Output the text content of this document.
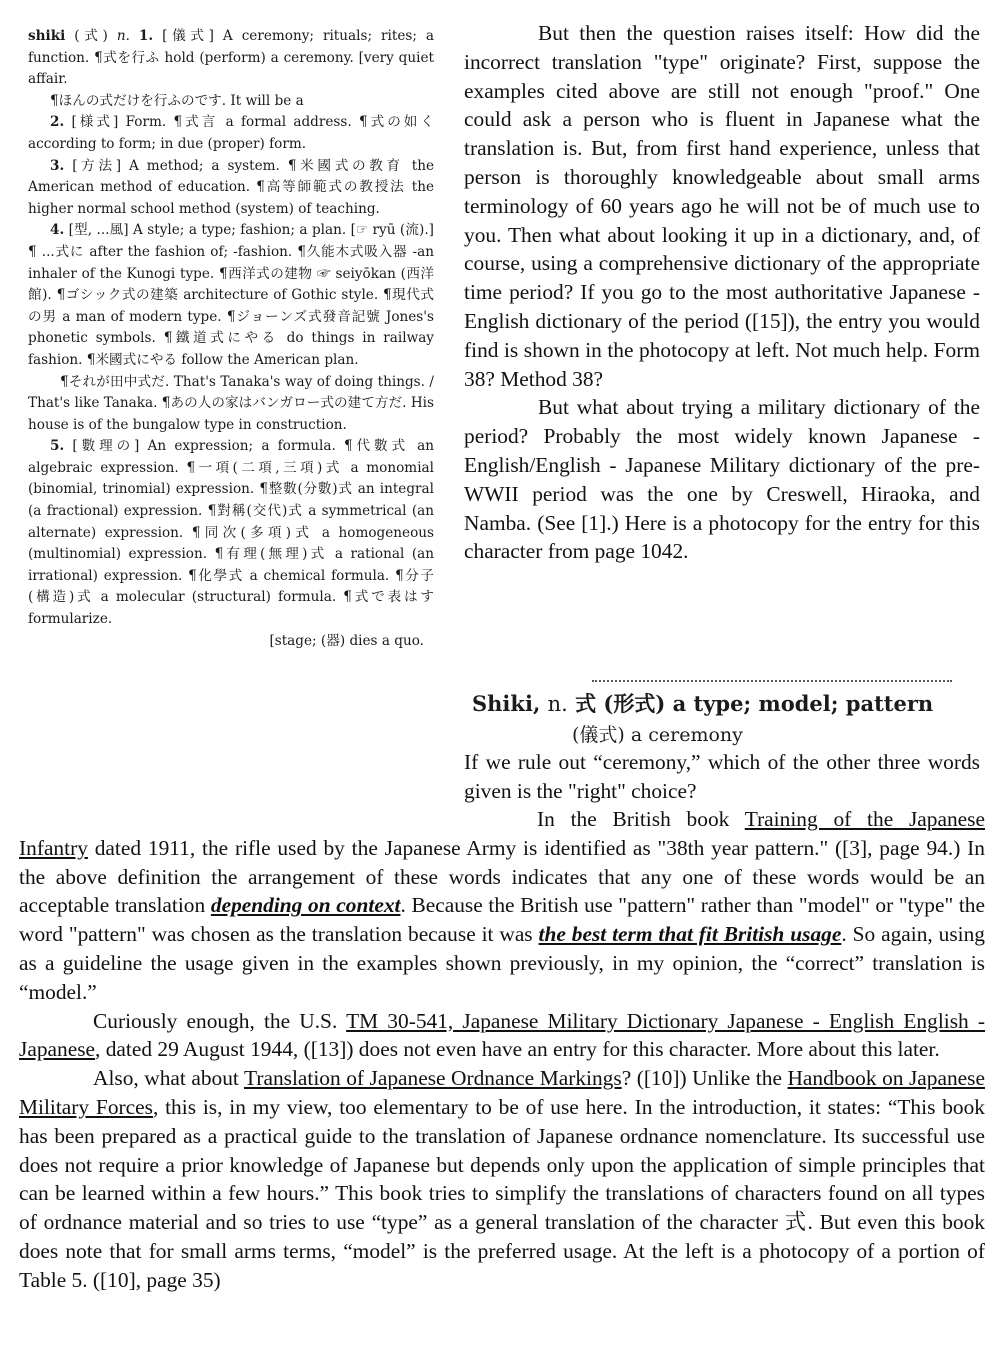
shiki (式) n. 1. [儀式] A ceremony; rituals; rites; a function. ¶式を行ふ hold (perform) a ceremony. [very quiet affair.

¶ほんの式だけを行ふのです. It will be a

2. [様式] Form. ¶式言 a formal address. ¶式の如く according to form; in due (proper) form.

3. [方法] A method; a system. ¶米國式の教育 the American method of education. ¶高等師範式の教授法 the higher normal school method (system) of teaching.

4. [型, ...風] A style; a type; fashion; a plan. [☞ ryū (流).] ¶ ...式に after the fashion of; -fashion. ¶久能木式吸入器 -an inhaler of the Kunogi type. ¶西洋式の建物 ☞ seiyōkan (西洋館). ¶ゴシック式の建築 architecture of Gothic style. ¶現代式の男 a man of modern type. ¶ジョーンズ式發音記號 Jones's phonetic symbols. ¶鐵道式にやる do things in railway fashion. ¶米國式にやる follow the American plan.

¶それが田中式だ. That's Tanaka's way of doing things. / That's like Tanaka. ¶あの人の家はバンガロー式の建て方だ. His house is of the bungalow type in construction.

5. [數理の] An expression; a formula. ¶代數式 an algebraic expression. ¶一項(二項,三項)式 a monomial (binomial, trinomial) expression. ¶整數(分數)式 an integral (a fractional) expression. ¶對稱(交代)式 a symmetrical (an alternate) expression. ¶同次(多項)式 a homogeneous (multinomial) expression. ¶有理(無理)式 a rational (an irrational) expression. ¶化學式 a chemical formula. ¶分子(構造)式 a molecular (structural) formula. ¶式で表はす formularize.
[stage; (器) dies a quo.

But then the question raises itself: How did the incorrect translation "type" originate? First, suppose the examples cited above are still not enough "proof." One could ask a person who is fluent in Japanese what the translation is. But, from first hand experience, unless that person is thoroughly knowledgeable about small arms terminology of 60 years ago he will not be of much use to you. Then what about looking it up in a dictionary, and, of course, using a comprehensive dictionary of the appropriate time period? If you go to the most authoritative Japanese - English dictionary of the period ([15]), the entry you would find is shown in the photocopy at left. Not much help. Form 38? Method 38?

But what about trying a military dictionary of the period? Probably the most widely known Japanese - English/English - Japanese Military dictionary of the pre-WWII period was the one by Creswell, Hiraoka, and Namba. (See [1].) Here is a photocopy for the entry for this character from page 1042.

Shiki, n. 式 (形式) a type; model; pattern
(儀式) a ceremony

If we rule out “ceremony,” which of the other three words given is the "right" choice?

In the British book Training of the Japanese Infantry dated 1911, the rifle used by the Japanese Army is identified as "38th year pattern." ([3], page 94.) In the above definition the arrangement of these words indicates that any one of these words would be an acceptable translation depending on context. Because the British use "pattern" rather than "model" or "type" the word "pattern" was chosen as the translation because it was the best term that fit British usage. So again, using as a guideline the usage given in the examples shown previously, in my opinion, the “correct” translation is “model.”

Curiously enough, the U.S. TM 30-541, Japanese Military Dictionary Japanese - English English - Japanese, dated 29 August 1944, ([13]) does not even have an entry for this character. More about this later.

Also, what about Translation of Japanese Ordnance Markings? ([10]) Unlike the Handbook on Japanese Military Forces, this is, in my view, too elementary to be of use here. In the introduction, it states: “This book has been prepared as a practical guide to the translation of Japanese ordnance nomenclature. Its successful use does not require a prior knowledge of Japanese but depends only upon the application of simple principles that can be learned within a few hours.” This book tries to simplify the translations of characters found on all types of ordnance material and so tries to use “type” as a general translation of the character 式. But even this book does note that for small arms terms, “model” is the preferred usage. At the left is a photocopy of a portion of Table 5. ([10], page 35)
